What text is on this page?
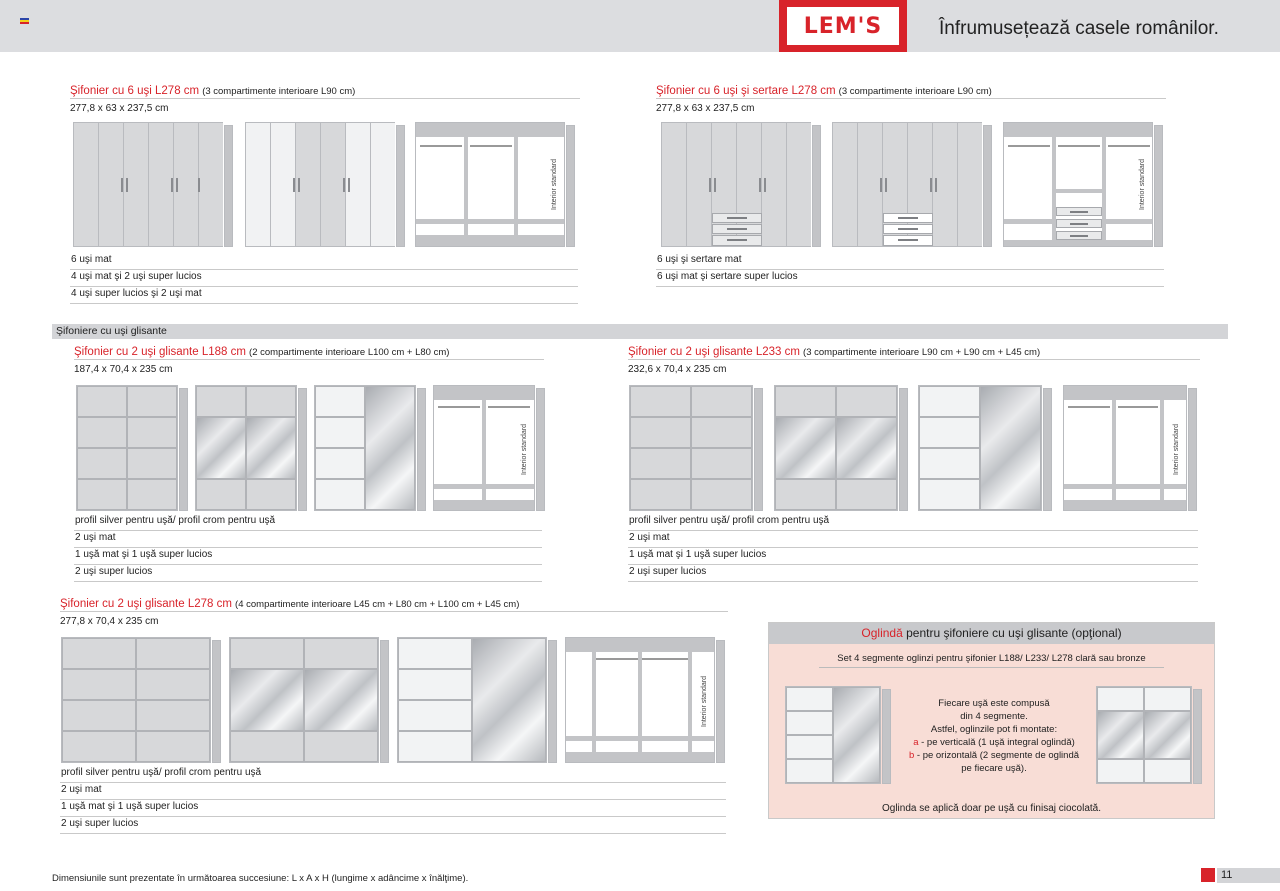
LEM'S	Înfrumusețează casele românilor.
Şifonier cu 6 uşi L278 cm (3 compartimente interioare L90 cm)
277,8 x 63 x 237,5 cm
Interior standard
6 uşi mat
4 uşi mat şi 2 uşi super lucios
4 uşi super lucios şi 2 uşi mat
Şifonier cu 6 uşi şi sertare L278 cm (3 compartimente interioare L90 cm)
277,8 x 63 x 237,5 cm
Interior standard
6 uşi şi sertare mat
6 uşi mat şi sertare super lucios
Şifoniere cu uşi glisante
Şifonier cu 2 uşi glisante L188 cm (2 compartimente interioare L100 cm + L80 cm)
187,4 x 70,4 x 235 cm
Interior standard
profil silver pentru uşă/ profil crom pentru uşă
2 uşi mat
1 uşă mat şi 1 uşă super lucios
2 uşi super lucios
Şifonier cu 2 uşi glisante L233 cm (3 compartimente interioare L90 cm + L90 cm + L45 cm)
232,6 x 70,4 x 235 cm
Interior standard
profil silver pentru uşă/ profil crom pentru uşă
2 uşi mat
1 uşă mat şi 1 uşă super lucios
2 uşi super lucios
Şifonier cu 2 uşi glisante L278 cm (4 compartimente interioare L45 cm + L80 cm + L100 cm + L45 cm)
277,8 x 70,4 x 235 cm
Interior standard
profil silver pentru uşă/ profil crom pentru uşă
2 uşi mat
1 uşă mat şi 1 uşă super lucios
2 uşi super lucios
Oglindă pentru şifoniere cu uşi glisante (opţional)
Set 4 segmente oglinzi pentru şifonier L188/ L233/ L278 clară sau bronze
Fiecare uşă este compusă
din 4 segmente.
Astfel, oglinzile pot fi montate:
a - pe verticală (1 uşă integral oglindă)
b - pe orizontală (2 segmente de oglindă
pe fiecare uşă).
Oglinda se aplică doar pe uşă cu finisaj ciocolată.
Dimensiunile sunt prezentate în următoarea succesiune: L x A x H (lungime x adâncime x înălţime).	11
